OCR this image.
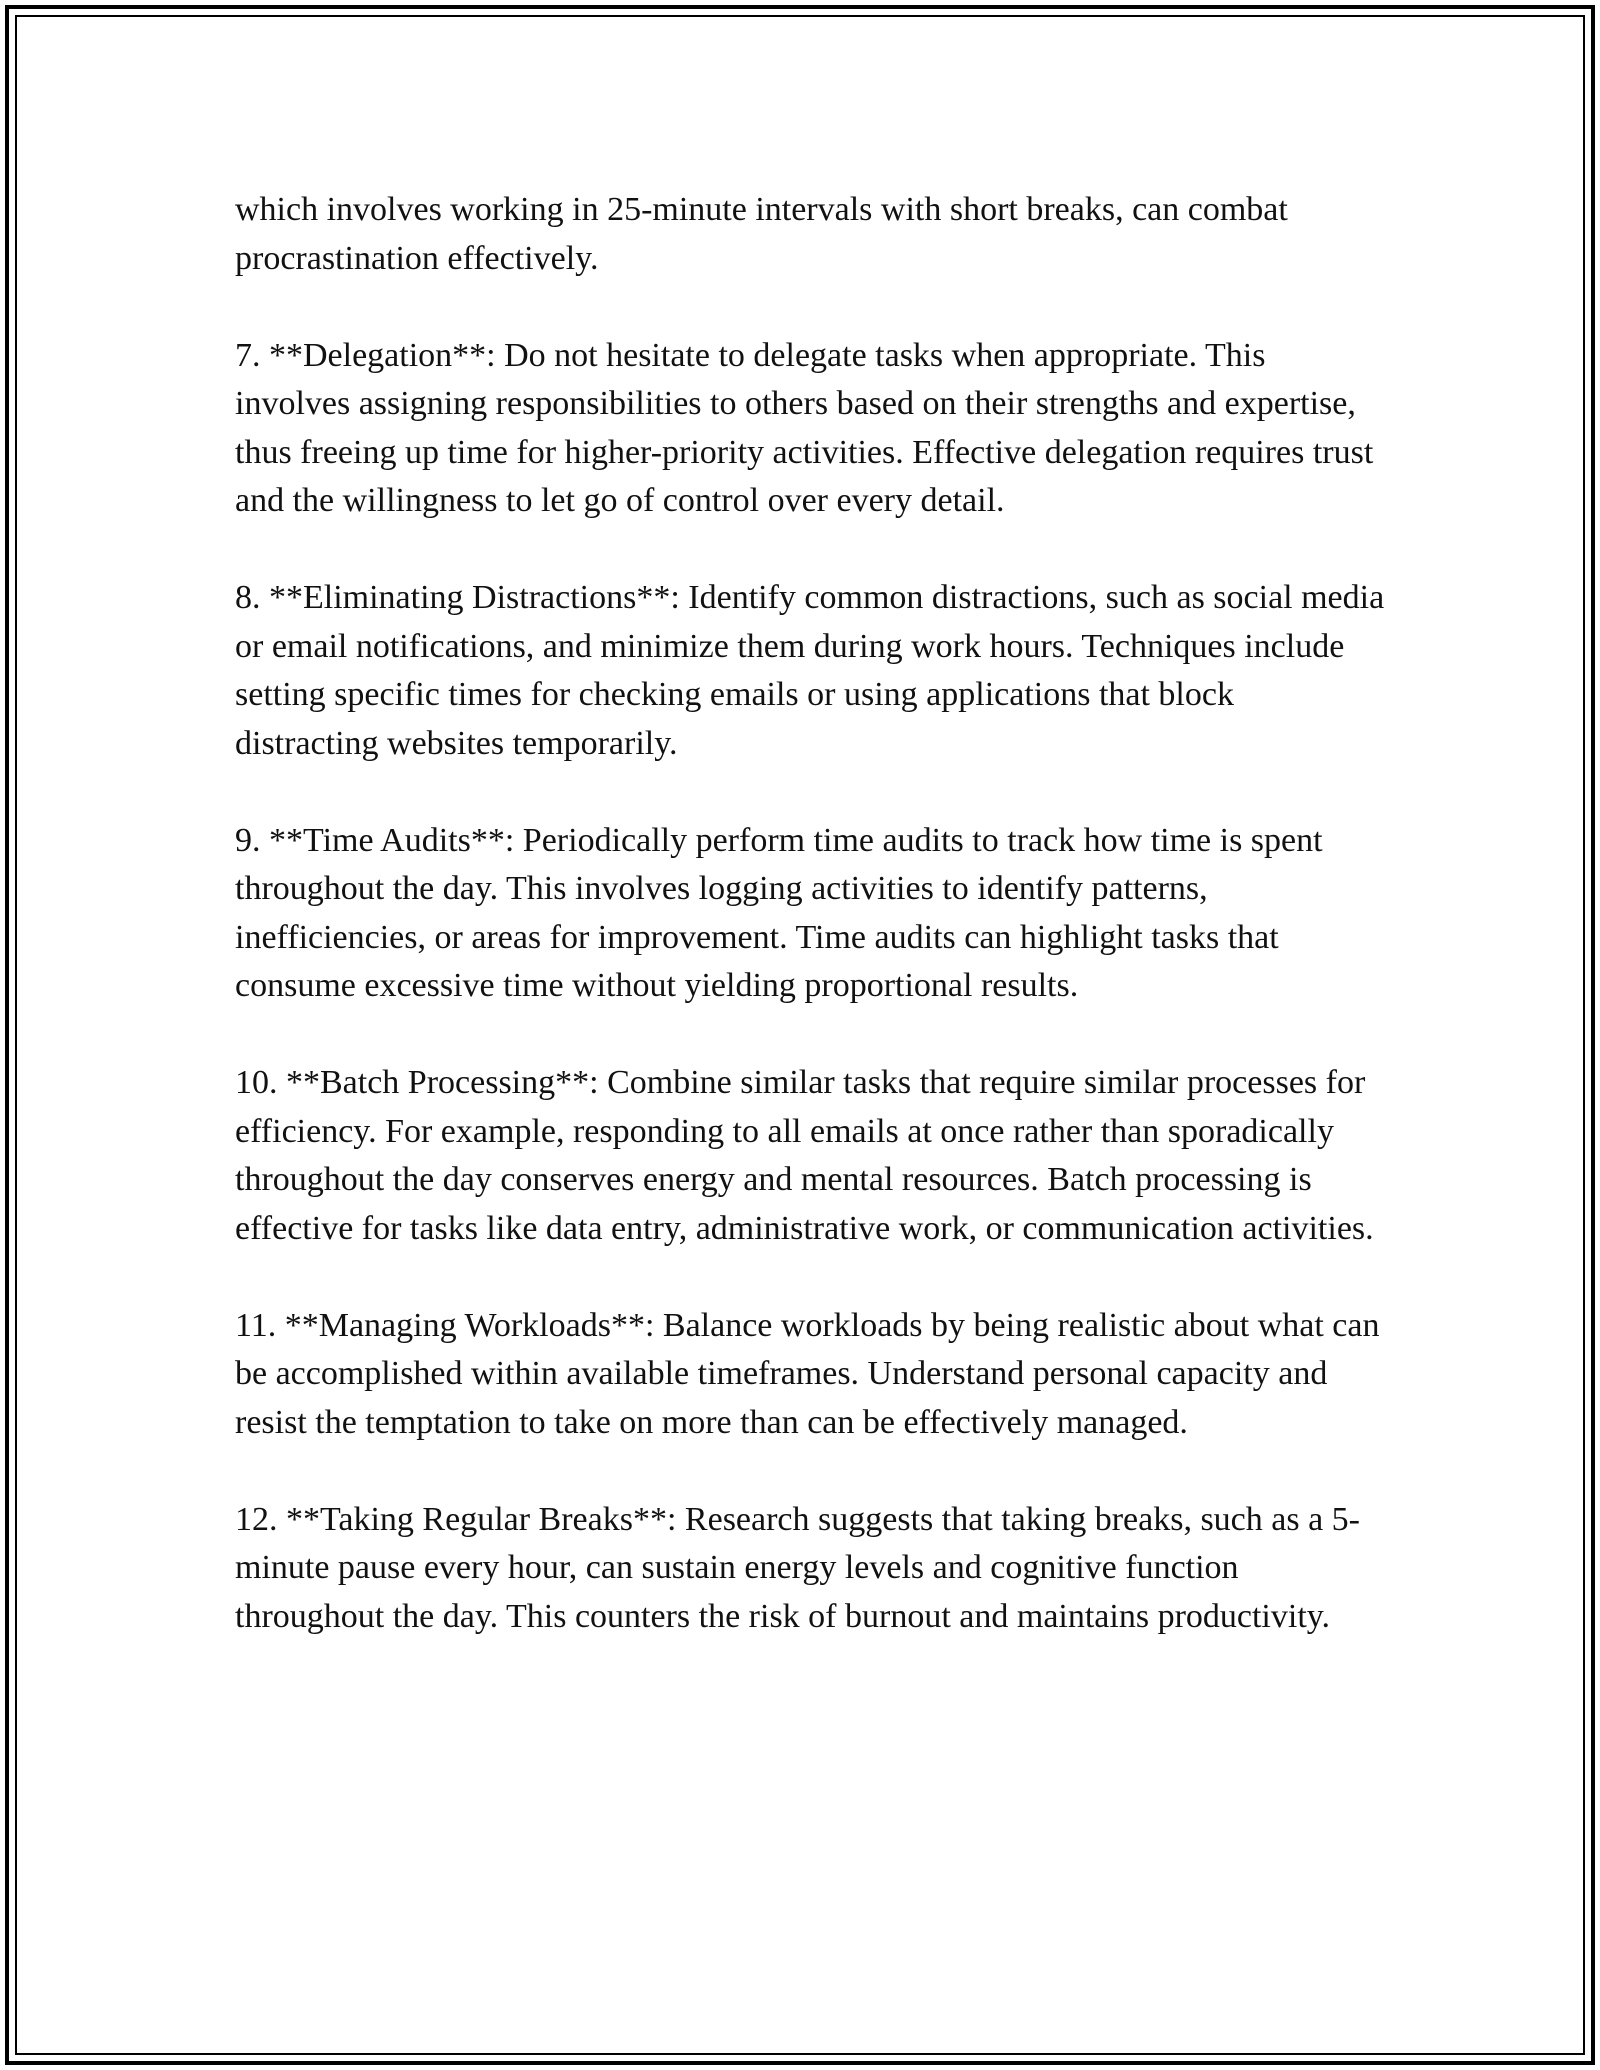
which involves working in 25-minute intervals with short breaks, can combat procrastination effectively.

7. **Delegation**: Do not hesitate to delegate tasks when appropriate. This involves assigning responsibilities to others based on their strengths and expertise, thus freeing up time for higher-priority activities. Effective delegation requires trust and the willingness to let go of control over every detail.

8. **Eliminating Distractions**: Identify common distractions, such as social media or email notifications, and minimize them during work hours. Techniques include setting specific times for checking emails or using applications that block distracting websites temporarily.

9. **Time Audits**: Periodically perform time audits to track how time is spent throughout the day. This involves logging activities to identify patterns, inefficiencies, or areas for improvement. Time audits can highlight tasks that consume excessive time without yielding proportional results.

10. **Batch Processing**: Combine similar tasks that require similar processes for efficiency. For example, responding to all emails at once rather than sporadically throughout the day conserves energy and mental resources. Batch processing is effective for tasks like data entry, administrative work, or communication activities.

11. **Managing Workloads**: Balance workloads by being realistic about what can be accomplished within available timeframes. Understand personal capacity and resist the temptation to take on more than can be effectively managed.

12. **Taking Regular Breaks**: Research suggests that taking breaks, such as a 5-minute pause every hour, can sustain energy levels and cognitive function throughout the day. This counters the risk of burnout and maintains productivity.
